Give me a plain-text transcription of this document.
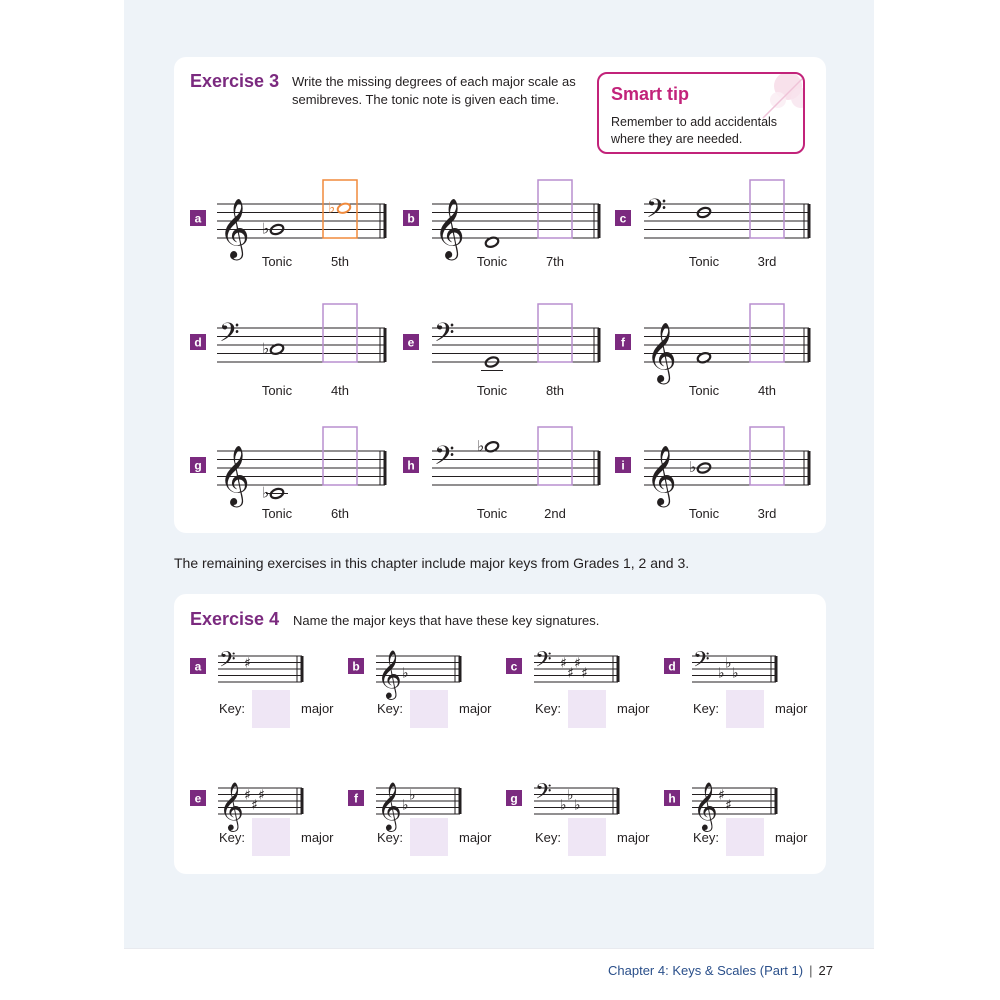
Exercise 3 Write the missing degrees of each major scale as semibreves. The tonic note is given each time.	Smart tip
Remember to add accidentals where they are needed.
The remaining exercises in this chapter include major keys from Grades 1, 2 and 3.
Exercise 4 Name the major keys that have these key signatures.
a 𝄞 ♭
♭
Tonic	5th
b 𝄞
Tonic	7th
c 𝄢
Tonic	3rd
d 𝄢 ♭
Tonic	4th
e 𝄢
Tonic	8th
f 𝄞
Tonic	4th
g 𝄞 ♭
Tonic	6th
h 𝄢 ♭
Tonic	2nd
i 𝄞 ♭
Tonic	3rd
a 𝄢 ♯
Key:	major
b 𝄞 ♭
Key:	major
c 𝄢 ♯
♯
♯
♯
Key:	major
d 𝄢 ♭
♭
♭
Key:	major
e 𝄞 ♯
♯
♯
Key:	major
f 𝄞 ♭
♭
Key:	major
g 𝄢 ♭
♭
♭
Key:	major
h 𝄞 ♯
♯
Key:	major
Chapter 4: Keys & Scales (Part 1) | 27
